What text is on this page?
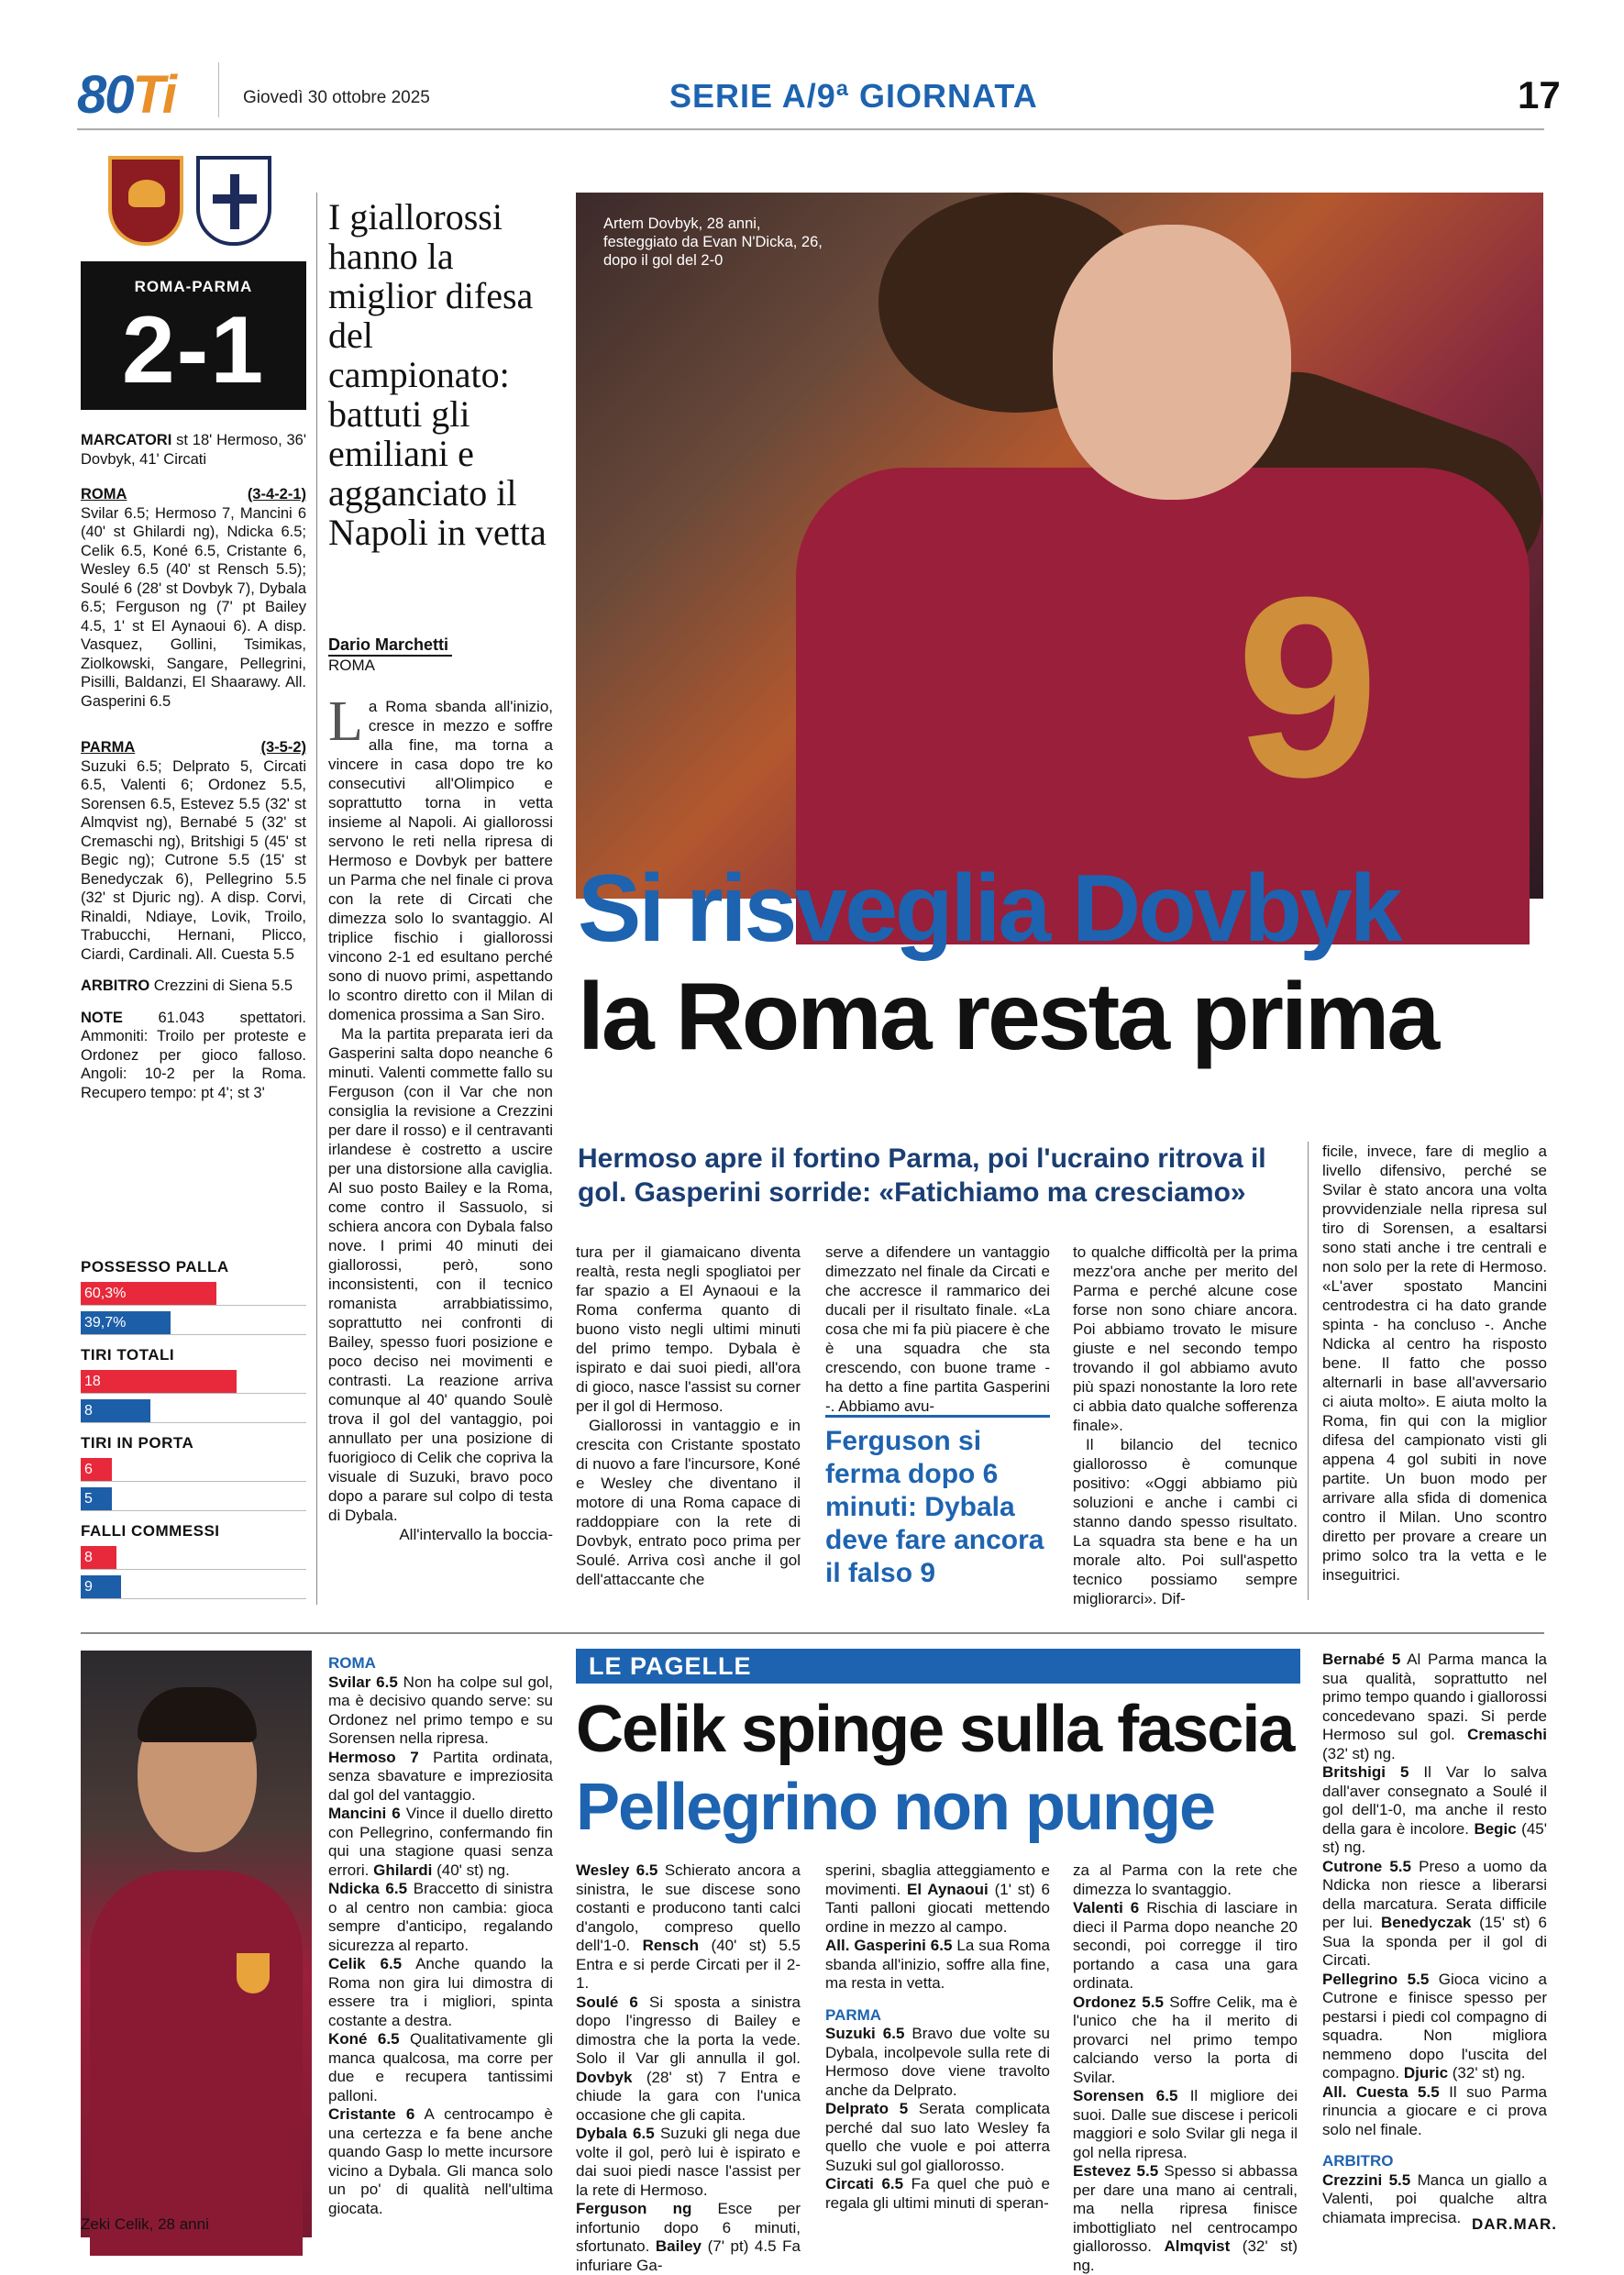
80Ti	Giovedì 30 ottobre 2025	SERIE A/9ª GIORNATA	17
ROMA-PARMA
2-1
MARCATORI st 18' Hermoso, 36' Dovbyk, 41' Circati
ROMA	(3-4-2-1)
Svilar 6.5; Hermoso 7, Mancini 6 (40' st Ghilardi ng), Ndicka 6.5; Celik 6.5, Koné 6.5, Cristante 6, Wesley 6.5 (40' st Rensch 5.5); Soulé 6 (28' st Dovbyk 7), Dybala 6.5; Ferguson ng (7' pt Bailey 4.5, 1' st El Aynaoui 6). A disp. Vasquez, Gollini, Tsimikas, Ziolkowski, Sangare, Pellegrini, Pisilli, Baldanzi, El Shaarawy. All. Gasperini 6.5
PARMA	(3-5-2)
Suzuki 6.5; Delprato 5, Circati 6.5, Valenti 6; Ordonez 5.5, Sorensen 6.5, Estevez 5.5 (32' st Almqvist ng), Bernabé 5 (32' st Cremaschi ng), Britshigi 5 (45' st Begic ng); Cutrone 5.5 (15' st Benedyczak 6), Pellegrino 5.5 (32' st Djuric ng). A disp. Corvi, Rinaldi, Ndiaye, Lovik, Troilo, Trabucchi, Hernani, Plicco, Ciardi, Cardinali. All. Cuesta 5.5
ARBITRO Crezzini di Siena 5.5
NOTE 61.043 spettatori. Ammoniti: Troilo per proteste e Ordonez per gioco falloso. Angoli: 10-2 per la Roma. Recupero tempo: pt 4'; st 3'
POSSESSO PALLA
60,3%
39,7%
TIRI TOTALI
18
8
TIRI IN PORTA
6
5
FALLI COMMESSI
8
9
I giallorossi hanno la miglior difesa del campionato: battuti gli emiliani e agganciato il Napoli in vetta
Dario Marchetti
ROMA
La Roma sbanda all'inizio, cresce in mezzo e soffre alla fine, ma torna a vincere in casa dopo tre ko consecutivi all'Olimpico e soprattutto torna in vetta insieme al Napoli. Ai giallorossi servono le reti nella ripresa di Hermoso e Dovbyk per battere un Parma che nel finale ci prova con la rete di Circati che dimezza solo lo svantaggio. Al triplice fischio i giallorossi vincono 2-1 ed esultano perché sono di nuovo primi, aspettando lo scontro diretto con il Milan di domenica prossima a San Siro.

Ma la partita preparata ieri da Gasperini salta dopo neanche 6 minuti. Valenti commette fallo su Ferguson (con il Var che non consiglia la revisione a Crezzini per dare il rosso) e il centravanti irlandese è costretto a uscire per una distorsione alla caviglia. Al suo posto Bailey e la Roma, come contro il Sassuolo, si schiera ancora con Dybala falso nove. I primi 40 minuti dei giallorossi, però, sono inconsistenti, con il tecnico romanista arrabbiatissimo, soprattutto nei confronti di Bailey, spesso fuori posizione e poco deciso nei movimenti e contrasti. La reazione arriva comunque al 40' quando Soulè trova il gol del vantaggio, poi annullato per una posizione di fuorigioco di Celik che copriva la visuale di Suzuki, bravo poco dopo a parare sul colpo di testa di Dybala.

All'intervallo la boccia-

9
Artem Dovbyk, 28 anni, festeggiato da Evan N'Dicka, 26, dopo il gol del 2-0
Si risveglia Dovbyk
la Roma resta prima
Hermoso apre il fortino Parma, poi l'ucraino ritrova il gol. Gasperini sorride: «Fatichiamo ma cresciamo»

tura per il giamaicano diventa realtà, resta negli spogliatoi per far spazio a El Aynaoui e la Roma conferma quanto di buono visto negli ultimi minuti del primo tempo. Dybala è ispirato e dai suoi piedi, all'ora di gioco, nasce l'assist su corner per il gol di Hermoso.

Giallorossi in vantaggio e in crescita con Cristante spostato di nuovo a fare l'incursore, Koné e Wesley che diventano il motore di una Roma capace di raddoppiare con la rete di Dovbyk, entrato poco prima per Soulé. Arriva così anche il gol dell'attaccante che

serve a difendere un vantaggio dimezzato nel finale da Circati e che accresce il rammarico dei ducali per il risultato finale. «La cosa che mi fa più piacere è che è una squadra che sta crescendo, con buone trame - ha detto a fine partita Gasperini -. Abbiamo avu-
Ferguson si ferma dopo 6 minuti: Dybala deve fare ancora il falso 9

to qualche difficoltà per la prima mezz'ora anche per merito del Parma e perché alcune cose forse non sono chiare ancora. Poi abbiamo trovato le misure giuste e nel secondo tempo trovando il gol abbiamo avuto più spazi nonostante la loro rete ci abbia dato qualche sofferenza finale».

Il bilancio del tecnico giallorosso è comunque positivo: «Oggi abbiamo più soluzioni e anche i cambi ci stanno dando spesso risultato. La squadra sta bene e ha un morale alto. Poi sull'aspetto tecnico possiamo sempre migliorarci». Dif-

ficile, invece, fare di meglio a livello difensivo, perché se Svilar è stato ancora una volta provvidenziale nella ripresa sul tiro di Sorensen, a esaltarsi sono stati anche i tre centrali e non solo per la rete di Hermoso. «L'aver spostato Mancini centrodestra ci ha dato grande spinta - ha concluso -. Anche Ndicka al centro ha risposto bene. Il fatto che posso alternarli in base all'avversario ci aiuta molto». E aiuta molto la Roma, fin qui con la miglior difesa del campionato visti gli appena 4 gol subiti in nove partite. Un buon modo per arrivare alla sfida di domenica contro il Milan. Uno scontro diretto per provare a creare un primo solco tra la vetta e le inseguitrici.
Zeki Celik, 28 anni
ROMA
Svilar 6.5 Non ha colpe sul gol, ma è decisivo quando serve: su Ordonez nel primo tempo e su Sorensen nella ripresa.
Hermoso 7 Partita ordinata, senza sbavature e impreziosita dal gol del vantaggio.
Mancini 6 Vince il duello diretto con Pellegrino, confermando fin qui una stagione quasi senza errori. Ghilardi (40' st) ng.
Ndicka 6.5 Braccetto di sinistra o al centro non cambia: gioca sempre d'anticipo, regalando sicurezza al reparto.
Celik 6.5 Anche quando la Roma non gira lui dimostra di essere tra i migliori, spinta costante a destra.
Koné 6.5 Qualitativamente gli manca qualcosa, ma corre per due e recupera tantissimi palloni.
Cristante 6 A centrocampo è una certezza e fa bene anche quando Gasp lo mette incursore vicino a Dybala. Gli manca solo un po' di qualità nell'ultima giocata.
LE PAGELLE
Celik spinge sulla fascia
Pellegrino non punge
Wesley 6.5 Schierato ancora a sinistra, le sue discese sono costanti e producono tanti calci d'angolo, compreso quello dell'1-0. Rensch (40' st) 5.5 Entra e si perde Circati per il 2-1.
Soulé 6 Si sposta a sinistra dopo l'ingresso di Bailey e dimostra che la porta la vede. Solo il Var gli annulla il gol. Dovbyk (28' st) 7 Entra e chiude la gara con l'unica occasione che gli capita.
Dybala 6.5 Suzuki gli nega due volte il gol, però lui è ispirato e dai suoi piedi nasce l'assist per la rete di Hermoso.
Ferguson ng Esce per infortunio dopo 6 minuti, sfortunato. Bailey (7' pt) 4.5 Fa infuriare Ga-
sperini, sbaglia atteggiamento e movimenti. El Aynaoui (1' st) 6 Tanti palloni giocati mettendo ordine in mezzo al campo.
All. Gasperini 6.5 La sua Roma sbanda all'inizio, soffre alla fine, ma resta in vetta.
PARMA
Suzuki 6.5 Bravo due volte su Dybala, incolpevole sulla rete di Hermoso dove viene travolto anche da Delprato.
Delprato 5 Serata complicata perché dal suo lato Wesley fa quello che vuole e poi atterra Suzuki sul gol giallorosso.
Circati 6.5 Fa quel che può e regala gli ultimi minuti di speran-
za al Parma con la rete che dimezza lo svantaggio.
Valenti 6 Rischia di lasciare in dieci il Parma dopo neanche 20 secondi, poi corregge il tiro portando a casa una gara ordinata.
Ordonez 5.5 Soffre Celik, ma è l'unico che ha il merito di provarci nel primo tempo calciando verso la porta di Svilar.
Sorensen 6.5 Il migliore dei suoi. Dalle sue discese i pericoli maggiori e solo Svilar gli nega il gol nella ripresa.
Estevez 5.5 Spesso si abbassa per dare una mano ai centrali, ma nella ripresa finisce imbottigliato nel centrocampo giallorosso. Almqvist (32' st) ng.
Bernabé 5 Al Parma manca la sua qualità, soprattutto nel primo tempo quando i giallorossi concedevano spazi. Si perde Hermoso sul gol. Cremaschi (32' st) ng.
Britshigi 5 Il Var lo salva dall'aver consegnato a Soulé il gol dell'1-0, ma anche il resto della gara è incolore. Begic (45' st) ng.
Cutrone 5.5 Preso a uomo da Ndicka non riesce a liberarsi della marcatura. Serata difficile per lui. Benedyczak (15' st) 6 Sua la sponda per il gol di Circati.
Pellegrino 5.5 Gioca vicino a Cutrone e finisce spesso per pestarsi i piedi col compagno di squadra. Non migliora nemmeno dopo l'uscita del compagno. Djuric (32' st) ng.
All. Cuesta 5.5 Il suo Parma rinuncia a giocare e ci prova solo nel finale.
ARBITRO
Crezzini 5.5 Manca un giallo a Valenti, poi qualche altra chiamata imprecisa. DAR.MAR.
